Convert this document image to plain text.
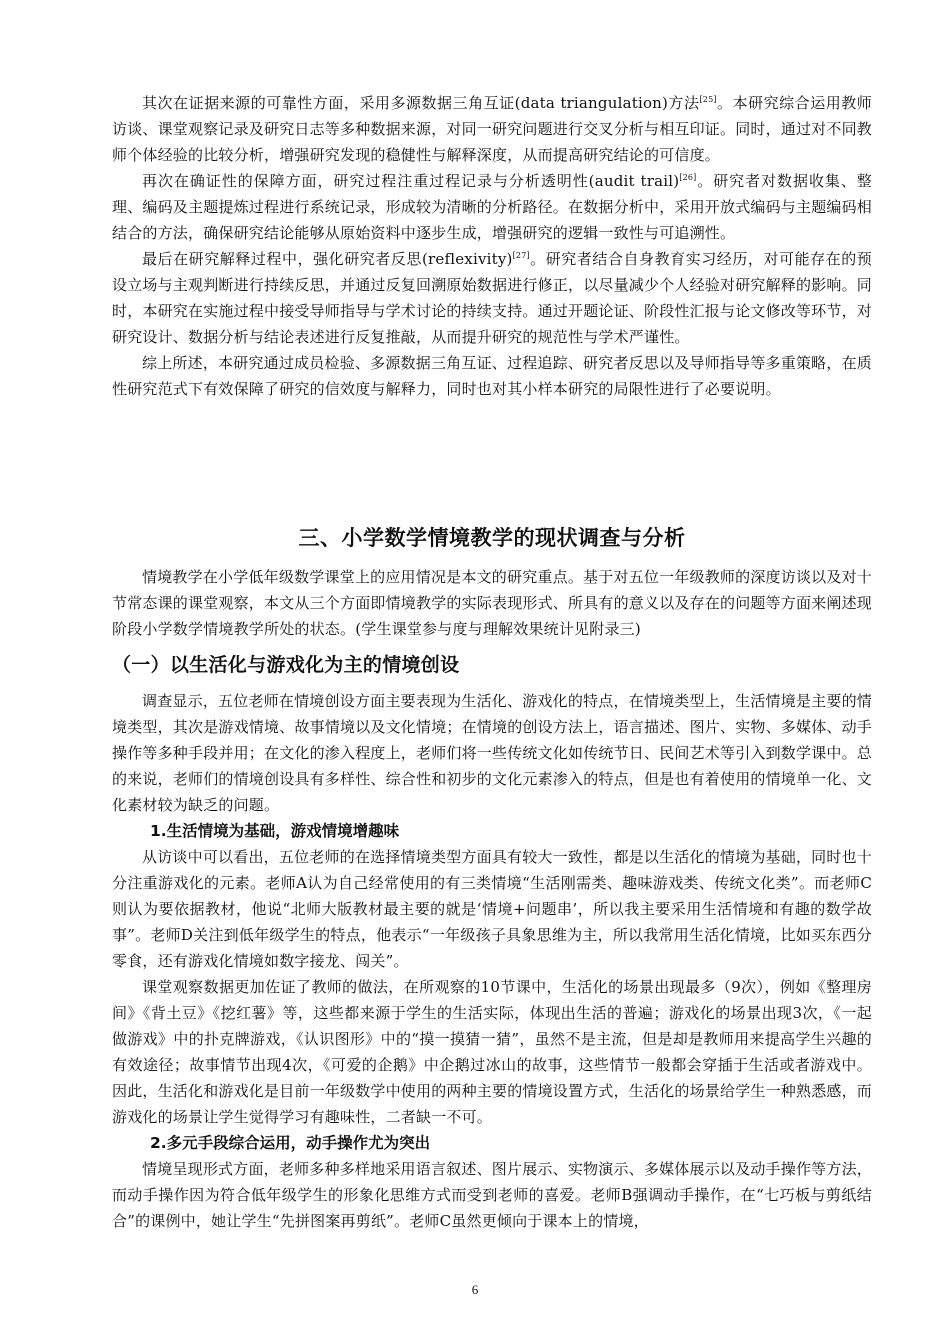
其次在证据来源的可靠性方面，采用多源数据三角互证(data triangulation)方法[25]。本研究综合运用教师访谈、课堂观察记录及研究日志等多种数据来源，对同一研究问题进行交叉分析与相互印证。同时，通过对不同教师个体经验的比较分析，增强研究发现的稳健性与解释深度，从而提高研究结论的可信度。

再次在确证性的保障方面，研究过程注重过程记录与分析透明性(audit trail)[26]。研究者对数据收集、整理、编码及主题提炼过程进行系统记录，形成较为清晰的分析路径。在数据分析中，采用开放式编码与主题编码相结合的方法，确保研究结论能够从原始资料中逐步生成，增强研究的逻辑一致性与可追溯性。

最后在研究解释过程中，强化研究者反思(reflexivity)[27]。研究者结合自身教育实习经历，对可能存在的预设立场与主观判断进行持续反思，并通过反复回溯原始数据进行修正，以尽量减少个人经验对研究解释的影响。同时，本研究在实施过程中接受导师指导与学术讨论的持续支持。通过开题论证、阶段性汇报与论文修改等环节，对研究设计、数据分析与结论表述进行反复推敲，从而提升研究的规范性与学术严谨性。

综上所述，本研究通过成员检验、多源数据三角互证、过程追踪、研究者反思以及导师指导等多重策略，在质性研究范式下有效保障了研究的信效度与解释力，同时也对其小样本研究的局限性进行了必要说明。

三、小学数学情境教学的现状调查与分析

情境教学在小学低年级数学课堂上的应用情况是本文的研究重点。基于对五位一年级教师的深度访谈以及对十节常态课的课堂观察，本文从三个方面即情境教学的实际表现形式、所具有的意义以及存在的问题等方面来阐述现阶段小学数学情境教学所处的状态。(学生课堂参与度与理解效果统计见附录三)

（一）以生活化与游戏化为主的情境创设

调查显示，五位老师在情境创设方面主要表现为生活化、游戏化的特点，在情境类型上，生活情境是主要的情境类型，其次是游戏情境、故事情境以及文化情境；在情境的创设方法上，语言描述、图片、实物、多媒体、动手操作等多种手段并用；在文化的渗入程度上，老师们将一些传统文化如传统节日、民间艺术等引入到数学课中。总的来说，老师们的情境创设具有多样性、综合性和初步的文化元素渗入的特点，但是也有着使用的情境单一化、文化素材较为缺乏的问题。

1.生活情境为基础，游戏情境增趣味

从访谈中可以看出，五位老师的在选择情境类型方面具有较大一致性，都是以生活化的情境为基础，同时也十分注重游戏化的元素。老师A认为自己经常使用的有三类情境“生活刚需类、趣味游戏类、传统文化类”。而老师C则认为要依据教材，他说“北师大版教材最主要的就是‘情境+问题串’，所以我主要采用生活情境和有趣的数学故事”。老师D关注到低年级学生的特点，他表示“一年级孩子具象思维为主，所以我常用生活化情境，比如买东西分零食，还有游戏化情境如数字接龙、闯关”。

课堂观察数据更加佐证了教师的做法，在所观察的10节课中，生活化的场景出现最多（9次），例如《整理房间》《背土豆》《挖红薯》等，这些都来源于学生的生活实际，体现出生活的普遍；游戏化的场景出现3次，《一起做游戏》中的扑克牌游戏，《认识图形》中的“摸一摸猜一猜”，虽然不是主流，但是却是教师用来提高学生兴趣的有效途径；故事情节出现4次，《可爱的企鹅》中企鹅过冰山的故事，这些情节一般都会穿插于生活或者游戏中。因此，生活化和游戏化是目前一年级数学中使用的两种主要的情境设置方式，生活化的场景给学生一种熟悉感，而游戏化的场景让学生觉得学习有趣味性，二者缺一不可。

2.多元手段综合运用，动手操作尤为突出

情境呈现形式方面，老师多种多样地采用语言叙述、图片展示、实物演示、多媒体展示以及动手操作等方法，而动手操作因为符合低年级学生的形象化思维方式而受到老师的喜爱。老师B强调动手操作，在“七巧板与剪纸结合”的课例中，她让学生“先拼图案再剪纸”。老师C虽然更倾向于课本上的情境，

6
